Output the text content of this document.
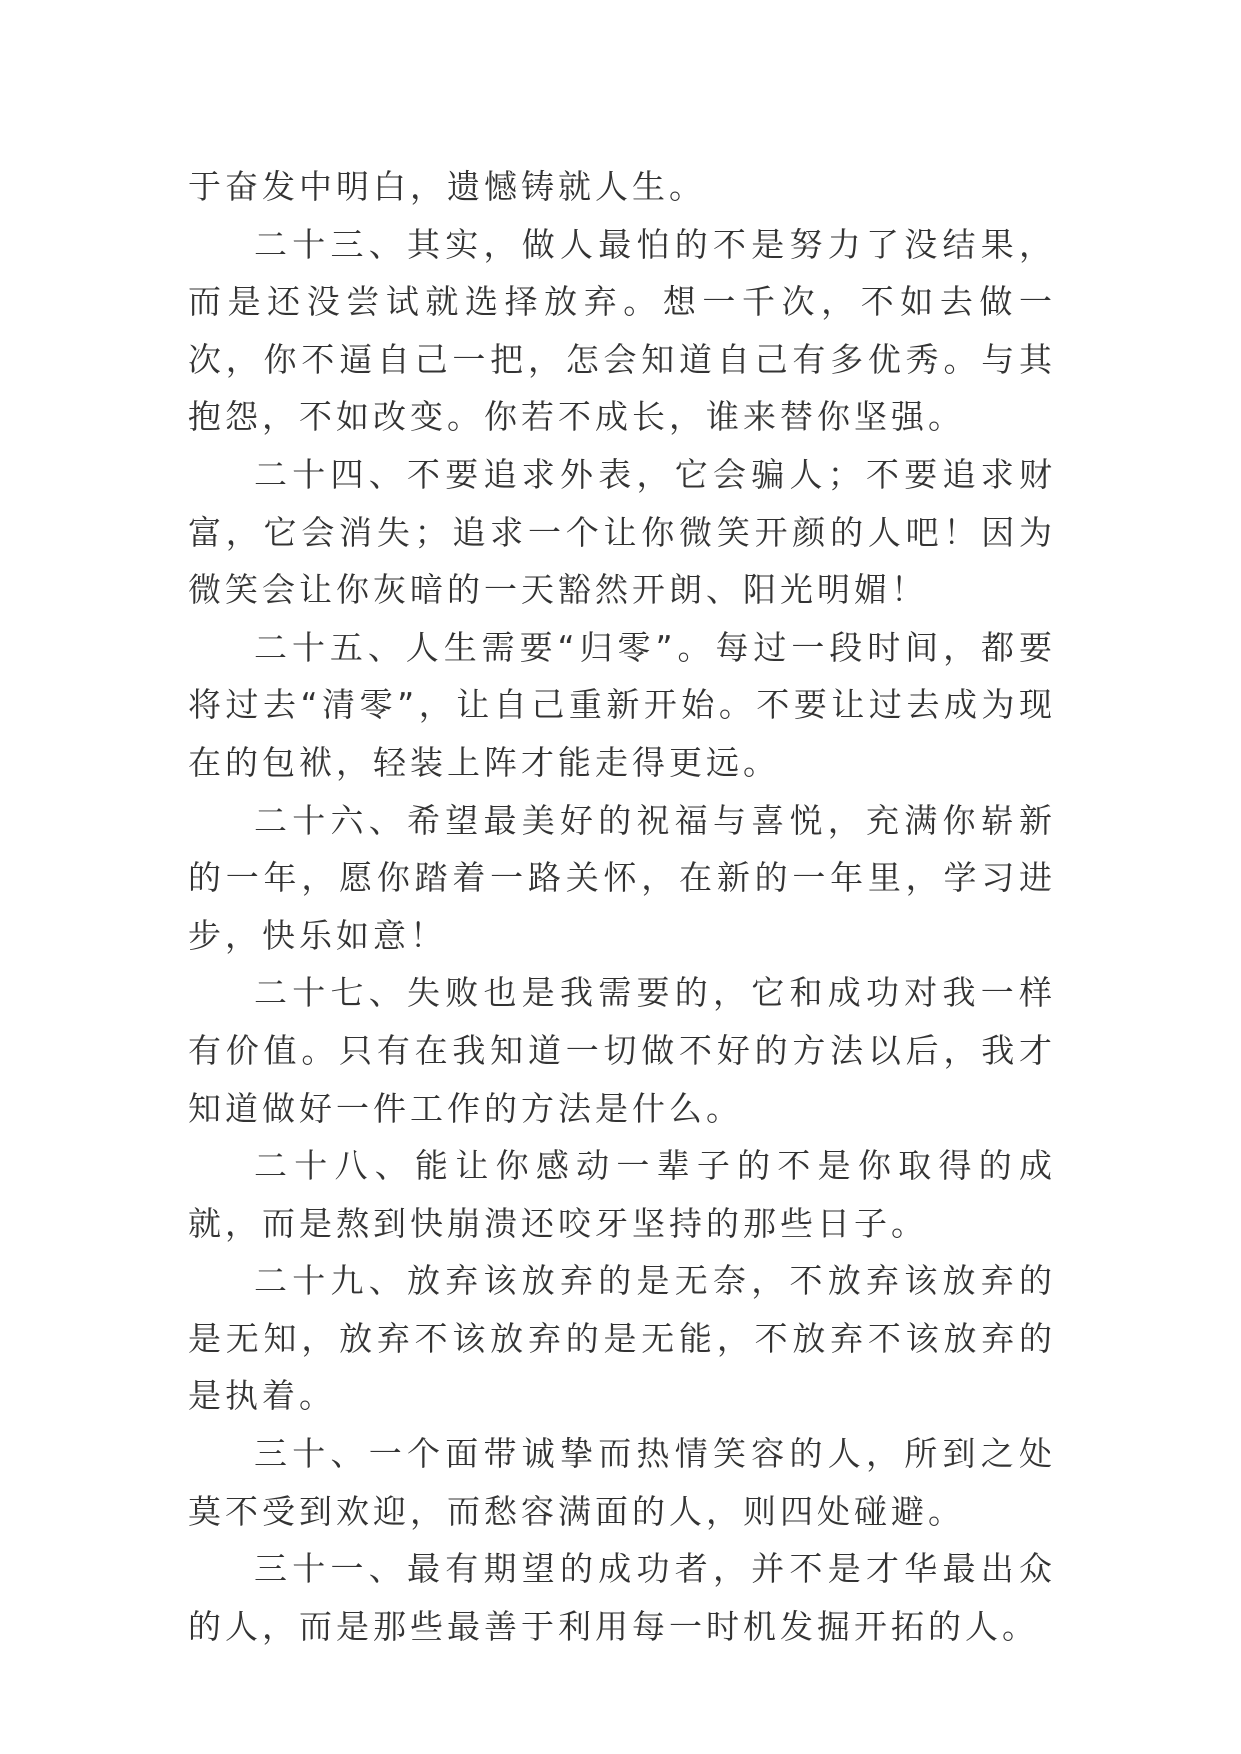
于奋发中明白，遗憾铸就人生。

二十三、其实，做人最怕的不是努力了没结果，而是还没尝试就选择放弃。想一千次，不如去做一次，你不逼自己一把，怎会知道自己有多优秀。与其抱怨，不如改变。你若不成长，谁来替你坚强。

二十四、不要追求外表，它会骗人；不要追求财富，它会消失；追求一个让你微笑开颜的人吧！因为微笑会让你灰暗的一天豁然开朗、阳光明媚！

二十五、人生需要“归零”。每过一段时间，都要将过去“清零”，让自己重新开始。不要让过去成为现在的包袱，轻装上阵才能走得更远。

二十六、希望最美好的祝福与喜悦，充满你崭新的一年，愿你踏着一路关怀，在新的一年里，学习进步，快乐如意！

二十七、失败也是我需要的，它和成功对我一样有价值。只有在我知道一切做不好的方法以后，我才知道做好一件工作的方法是什么。

二十八、能让你感动一辈子的不是你取得的成就，而是熬到快崩溃还咬牙坚持的那些日子。

二十九、放弃该放弃的是无奈，不放弃该放弃的是无知，放弃不该放弃的是无能，不放弃不该放弃的是执着。

三十、一个面带诚挚而热情笑容的人，所到之处莫不受到欢迎，而愁容满面的人，则四处碰避。

三十一、最有期望的成功者，并不是才华最出众的人，而是那些最善于利用每一时机发掘开拓的人。
